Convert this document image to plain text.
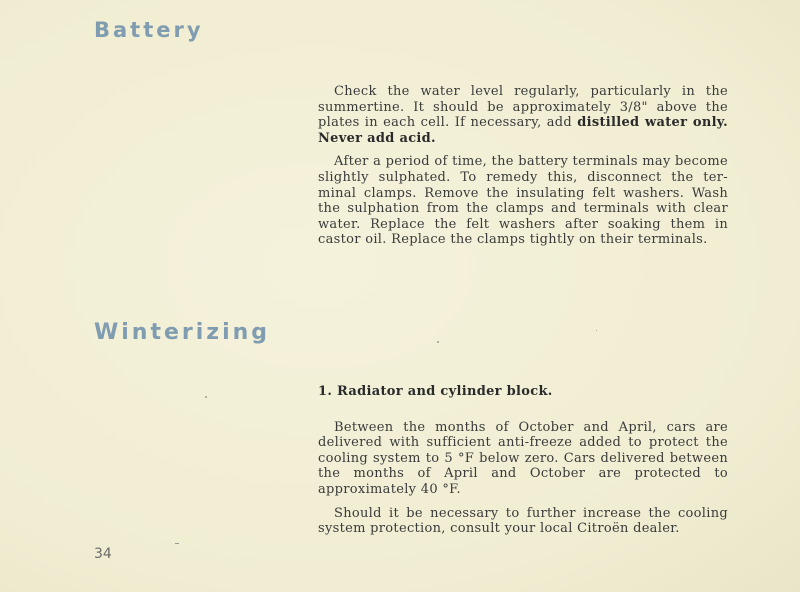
Battery

Check the water level regularly, particularly in the summertine. It should be approximately 3/8" above the plates in each cell. If necessary, add distilled water only. Never add acid.

After a period of time, the battery terminals may become slightly sulphated. To remedy this, disconnect the ter-minal clamps. Remove the insulating felt washers. Wash the sulphation from the clamps and terminals with clear water. Replace the felt washers after soaking them in castor oil. Replace the clamps tightly on their terminals.

Winterizing

1. Radiator and cylinder block.

Between the months of October and April, cars are delivered with sufficient anti-freeze added to protect the cooling system to 5 °F below zero. Cars delivered between the months of April and October are protected to approximately 40 °F.

Should it be necessary to further increase the cooling system protection, consult your local Citroën dealer.

34
